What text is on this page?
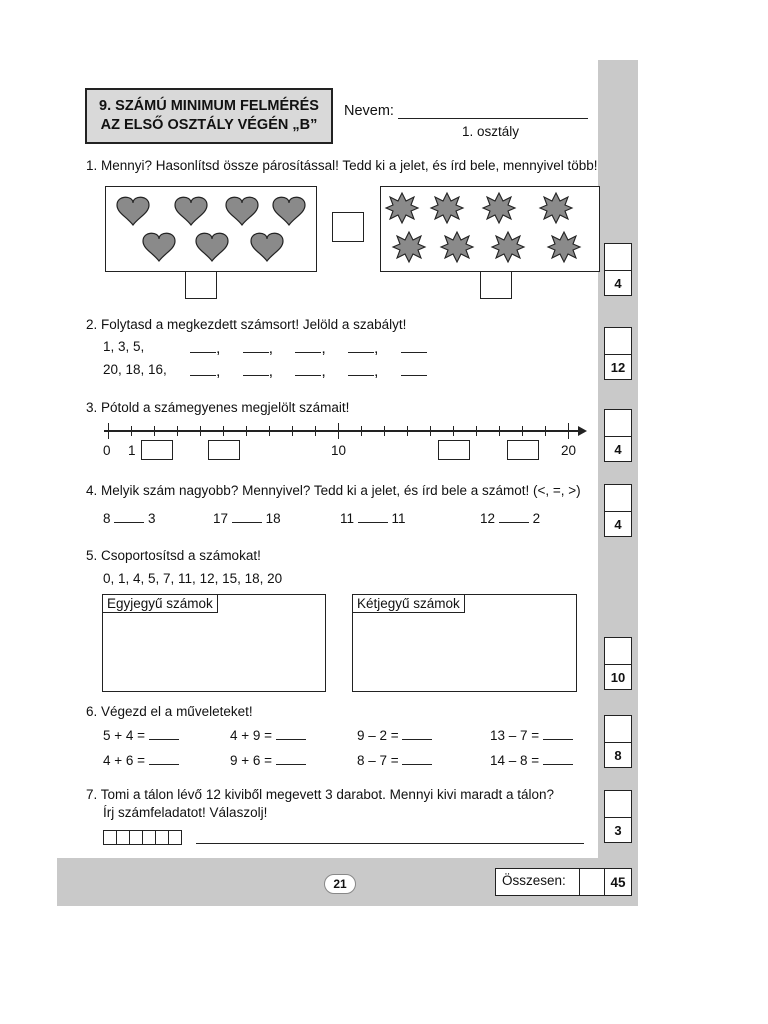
9. SZÁMÚ MINIMUM FELMÉRÉS
AZ ELSŐ OSZTÁLY VÉGÉN „B”
Nevem:
1. osztály
1. Mennyi? Hasonlítsd össze párosítással! Tedd ki a jelet, és írd bele, mennyivel több!
4
2. Folytasd a megkezdett számsort! Jelöld a szabályt!
1, 3, 5,	,     ,     ,     ,
20, 18, 16,	,     ,     ,     ,	12
3. Pótold a számegyenes megjelölt számait!
0 1	10	20	4
4. Melyik szám nagyobb? Mennyivel? Tedd ki a jelet, és írd bele a számot! (<, =, >)
8	3	17	18	11	11	12	2	4
5. Csoportosítsd a számokat!
0, 1, 4, 5, 7, 11, 12, 15, 18, 20
Egyjegyű számok	Kétjegyű számok
10
6. Végezd el a műveleteket!
5 + 4 =	4 + 9 =	9 – 2 =	13 – 7 =
4 + 6 =	9 + 6 =	8 – 7 =	14 – 8 =	8
7. Tomi a tálon lévő 12 kiviből megevett 3 darabot. Mennyi kivi maradt a tálon?
Írj számfeladatot! Válaszolj!
3
21	Összesen:	45
